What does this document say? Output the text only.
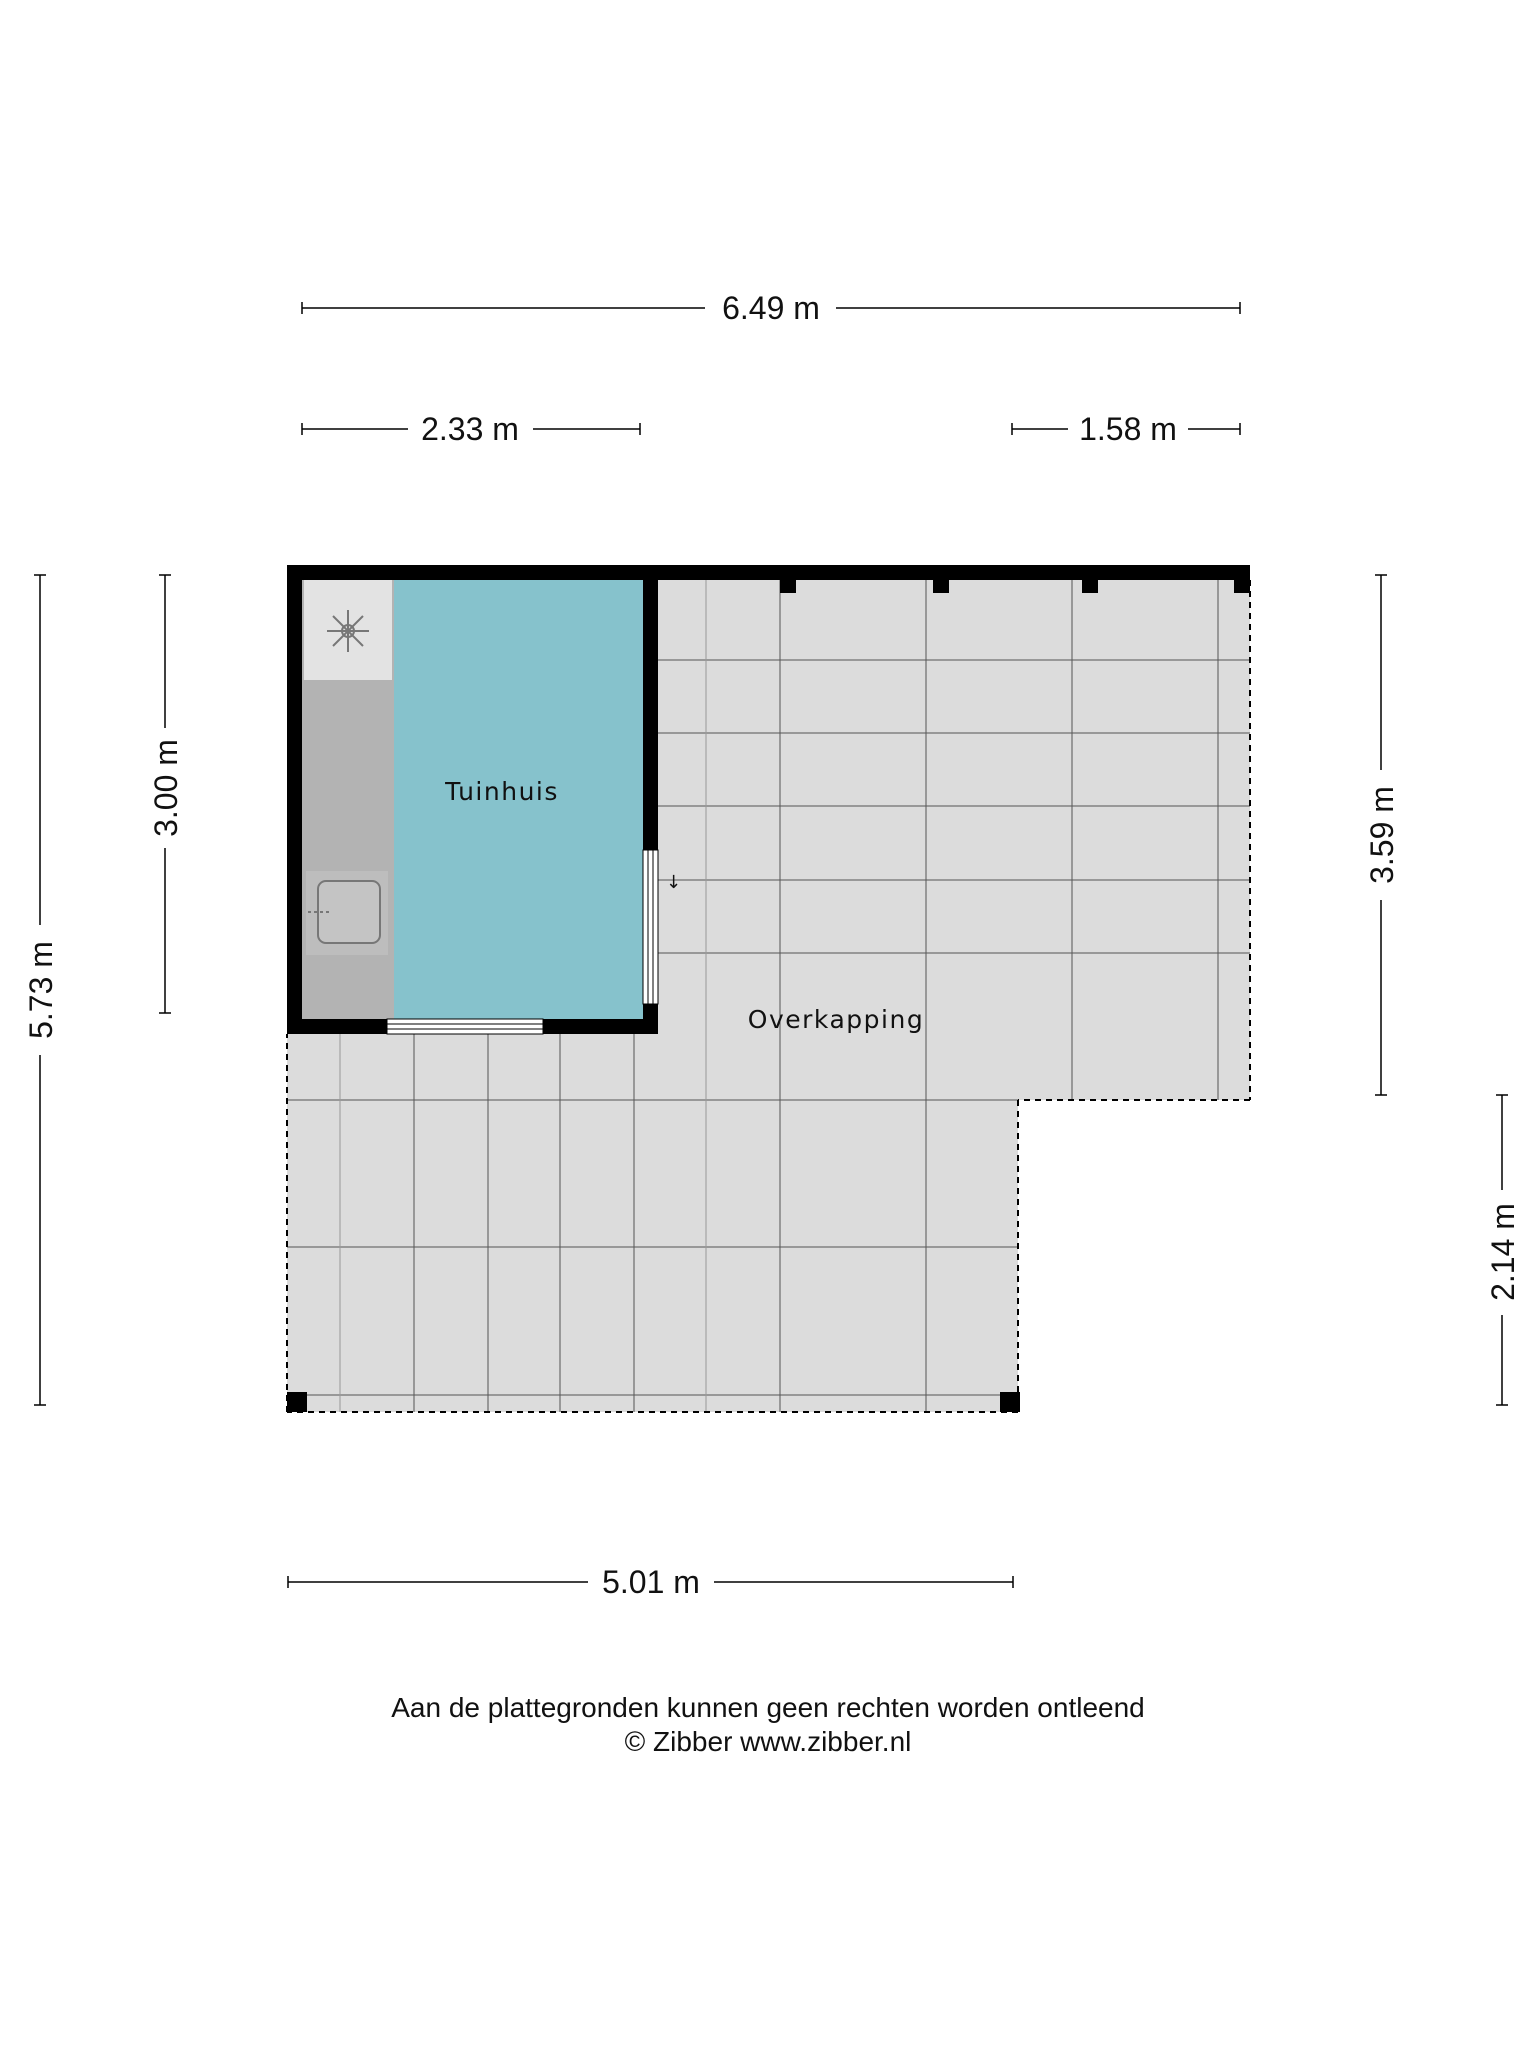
↓
Tuinhuis
Overkapping
6.49 m
2.33 m	1.58 m
5.73 m
3.00 m	3.59 m
2.14 m
5.01 m
Aan de plattegronden kunnen geen rechten worden ontleend
© Zibber www.zibber.nl
